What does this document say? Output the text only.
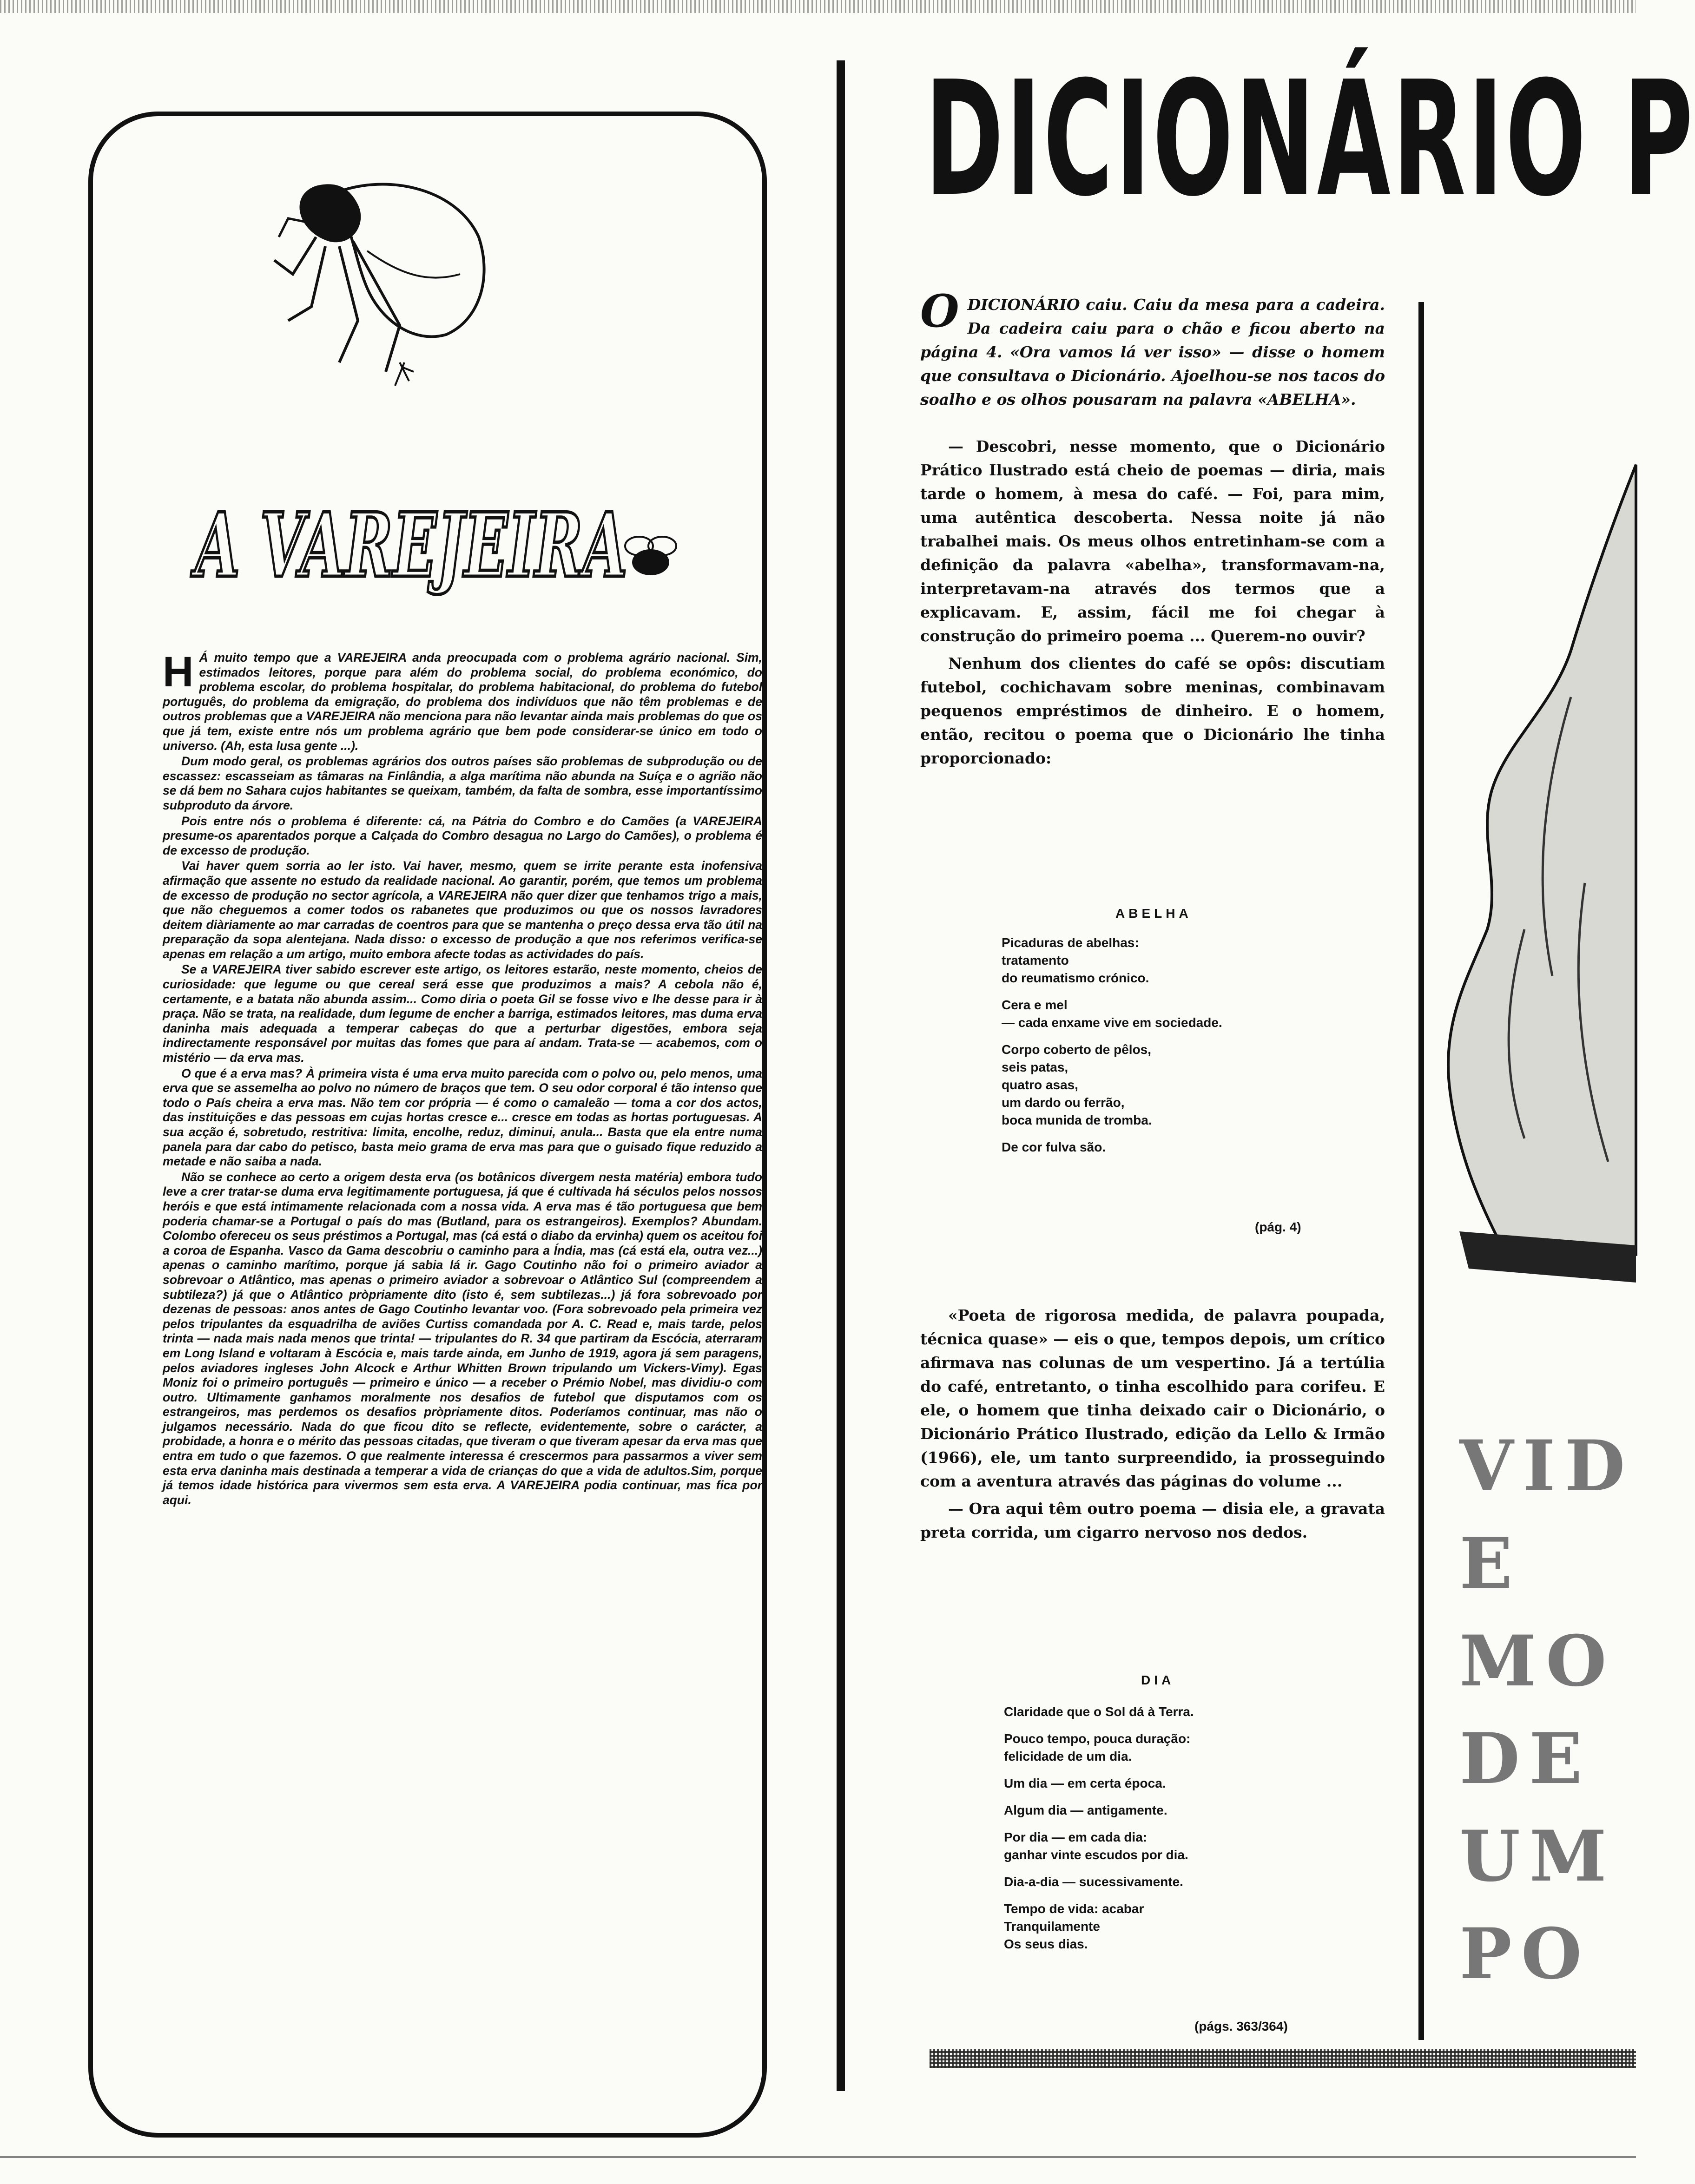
A VAREJEIRA

H Á muito tempo que a VAREJEIRA anda preocupada com o problema agrário nacional. Sim, estimados leitores, porque para além do problema social, do problema económico, do problema escolar, do problema hospitalar, do problema habitacional, do problema do futebol português, do problema da emigração, do problema dos indivíduos que não têm problemas e de outros problemas que a VAREJEIRA não menciona para não levantar ainda mais problemas do que os que já tem, existe entre nós um problema agrário que bem pode considerar-se único em todo o universo. (Ah, esta lusa gente ...).

Dum modo geral, os problemas agrários dos outros países são problemas de subprodução ou de escassez: escasseiam as tâmaras na Finlândia, a alga marítima não abunda na Suíça e o agrião não se dá bem no Sahara cujos habitantes se queixam, também, da falta de sombra, esse importantíssimo subproduto da árvore.

Pois entre nós o problema é diferente: cá, na Pátria do Combro e do Camões (a VAREJEIRA presume-os aparentados porque a Calçada do Combro desagua no Largo do Camões), o problema é de excesso de produção.

Vai haver quem sorria ao ler isto. Vai haver, mesmo, quem se irrite perante esta inofensiva afirmação que assente no estudo da realidade nacional. Ao garantir, porém, que temos um problema de excesso de produção no sector agrícola, a VAREJEIRA não quer dizer que tenhamos trigo a mais, que não cheguemos a comer todos os rabanetes que produzimos ou que os nossos lavradores deitem diàriamente ao mar carradas de coentros para que se mantenha o preço dessa erva tão útil na preparação da sopa alentejana. Nada disso: o excesso de produção a que nos referimos verifica-se apenas em relação a um artigo, muito embora afecte todas as actividades do país.

Se a VAREJEIRA tiver sabido escrever este artigo, os leitores estarão, neste momento, cheios de curiosidade: que legume ou que cereal será esse que produzimos a mais? A cebola não é, certamente, e a batata não abunda assim... Como diria o poeta Gil se fosse vivo e lhe desse para ir à praça. Não se trata, na realidade, dum legume de encher a barriga, estimados leitores, mas duma erva daninha mais adequada a temperar cabeças do que a perturbar digestões, embora seja indirectamente responsável por muitas das fomes que para aí andam. Trata-se — acabemos, com o mistério — da erva mas.

O que é a erva mas? À primeira vista é uma erva muito parecida com o polvo ou, pelo menos, uma erva que se assemelha ao polvo no número de braços que tem. O seu odor corporal é tão intenso que todo o País cheira a erva mas. Não tem cor própria — é como o camaleão — toma a cor dos actos, das instituições e das pessoas em cujas hortas cresce e... cresce em todas as hortas portuguesas. A sua acção é, sobretudo, restritiva: limita, encolhe, reduz, diminui, anula... Basta que ela entre numa panela para dar cabo do petisco, basta meio grama de erva mas para que o guisado fique reduzido a metade e não saiba a nada.

Não se conhece ao certo a origem desta erva (os botânicos divergem nesta matéria) embora tudo leve a crer tratar-se duma erva legitimamente portuguesa, já que é cultivada há séculos pelos nossos heróis e que está intimamente relacionada com a nossa vida. A erva mas é tão portuguesa que bem poderia chamar-se a Portugal o país do mas (Butland, para os estrangeiros). Exemplos? Abundam. Colombo ofereceu os seus préstimos a Portugal, mas (cá está o diabo da ervinha) quem os aceitou foi a coroa de Espanha. Vasco da Gama descobriu o caminho para a Índia, mas (cá está ela, outra vez...) apenas o caminho marítimo, porque já sabia lá ir. Gago Coutinho não foi o primeiro aviador a sobrevoar o Atlântico, mas apenas o primeiro aviador a sobrevoar o Atlântico Sul (compreendem a subtileza?) já que o Atlântico pròpriamente dito (isto é, sem subtilezas...) já fora sobrevoado por dezenas de pessoas: anos antes de Gago Coutinho levantar voo. (Fora sobrevoado pela primeira vez pelos tripulantes da esquadrilha de aviões Curtiss comandada por A. C. Read e, mais tarde, pelos trinta — nada mais nada menos que trinta! — tripulantes do R. 34 que partiram da Escócia, aterraram em Long Island e voltaram à Escócia e, mais tarde ainda, em Junho de 1919, agora já sem paragens, pelos aviadores ingleses John Alcock e Arthur Whitten Brown tripulando um Vickers-Vimy). Egas Moniz foi o primeiro português — primeiro e único — a receber o Prémio Nobel, mas dividiu-o com outro. Ultimamente ganhamos moralmente nos desafios de futebol que disputamos com os estrangeiros, mas perdemos os desafios pròpriamente ditos. Poderíamos continuar, mas não o julgamos necessário. Nada do que ficou dito se reflecte, evidentemente, sobre o carácter, a probidade, a honra e o mérito das pessoas citadas, que tiveram o que tiveram apesar da erva mas que entra em tudo o que fazemos. O que realmente interessa é crescermos para passarmos a viver sem esta erva daninha mais destinada a temperar a vida de crianças do que a vida de adultos.Sim, porque já temos idade histórica para vivermos sem esta erva. A VAREJEIRA podia continuar, mas fica por aqui.

DICIONÁRIO P
ODICIONÁRIO caiu. Caiu da mesa para a cadeira. Da cadeira caiu para o chão e ficou aberto na página 4. «Ora vamos lá ver isso» — disse o homem que consultava o Dicionário. Ajoelhou-se nos tacos do soalho e os olhos pousaram na palavra «ABELHA».

— Descobri, nesse momento, que o Dicionário Prático Ilustrado está cheio de poemas — diria, mais tarde o homem, à mesa do café. — Foi, para mim, uma autêntica descoberta. Nessa noite já não trabalhei mais. Os meus olhos entretinham-se com a definição da palavra «abelha», transformavam-na, interpretavam-na através dos termos que a explicavam. E, assim, fácil me foi chegar à construção do primeiro poema ... Querem-no ouvir?

Nenhum dos clientes do café se opôs: discutiam futebol, cochichavam sobre meninas, combinavam pequenos empréstimos de dinheiro. E o homem, então, recitou o poema que o Dicionário lhe tinha proporcionado:

ABELHA
Picaduras de abelhas:
tratamento
do reumatismo crónico.
Cera e mel
— cada enxame vive em sociedade.
Corpo coberto de pêlos,
seis patas,
quatro asas,
um dardo ou ferrão,
boca munida de tromba.
De cor fulva são.
(pág. 4)

«Poeta de rigorosa medida, de palavra poupada, técnica quase» — eis o que, tempos depois, um crítico afirmava nas colunas de um vespertino. Já a tertúlia do café, entretanto, o tinha escolhido para corifeu. E ele, o homem que tinha deixado cair o Dicionário, o Dicionário Prático Ilustrado, edição da Lello & Irmão (1966), ele, um tanto surpreendido, ia prosseguindo com a aventura através das páginas do volume ...

— Ora aqui têm outro poema — disia ele, a gravata preta corrida, um cigarro nervoso nos dedos.

DIA
Claridade que o Sol dá à Terra.
Pouco tempo, pouca duração:
felicidade de um dia.
Um dia — em certa época.
Algum dia — antigamente.
Por dia — em cada dia:
ganhar vinte escudos por dia.
Dia-a-dia — sucessivamente.
Tempo de vida: acabar
Tranquilamente
Os seus dias.
(págs. 363/364)
VID
E
MO
DE
UM
PO
